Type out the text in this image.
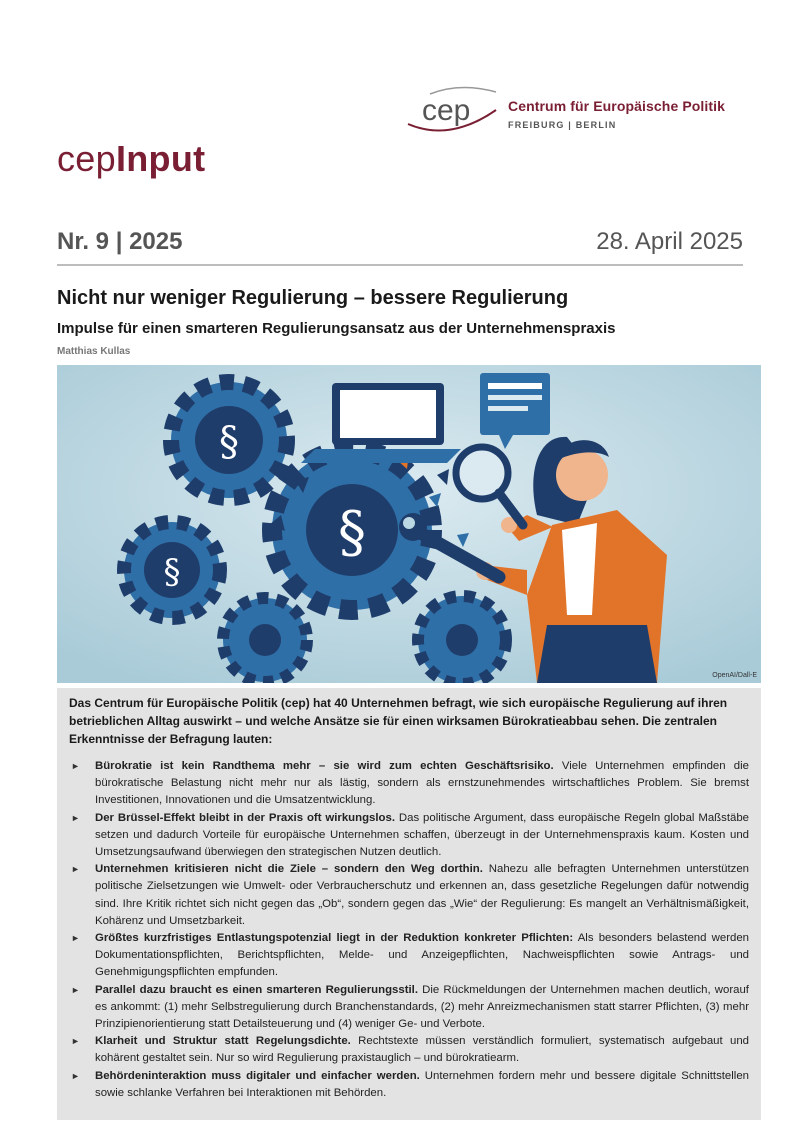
cep	Centrum für Europäische Politik
FREIBURG | BERLIN
cepInput
Nr. 9 | 2025	28. April 2025
Nicht nur weniger Regulierung – bessere Regulierung
Impulse für einen smarteren Regulierungsansatz aus der Unternehmenspraxis
Matthias Kullas
§
§
§
OpenAI/Dall-E

Das Centrum für Europäische Politik (cep) hat 40 Unternehmen befragt, wie sich europäische Regulierung auf ihren betrieblichen Alltag auswirkt – und welche Ansätze sie für einen wirksamen Bürokratieabbau sehen. Die zentralen Erkenntnisse der Befragung lauten:

► Bürokratie ist kein Randthema mehr – sie wird zum echten Geschäftsrisiko. Viele Unternehmen empfinden die bürokratische Belastung nicht mehr nur als lästig, sondern als ernstzunehmendes wirtschaftliches Problem. Sie bremst Investitionen, Innovationen und die Umsatzentwicklung.
► Der Brüssel-Effekt bleibt in der Praxis oft wirkungslos. Das politische Argument, dass europäische Regeln global Maßstäbe setzen und dadurch Vorteile für europäische Unternehmen schaffen, überzeugt in der Unternehmenspraxis kaum. Kosten und Umsetzungsaufwand überwiegen den strategischen Nutzen deutlich.
► Unternehmen kritisieren nicht die Ziele – sondern den Weg dorthin. Nahezu alle befragten Unternehmen unterstützen politische Zielsetzungen wie Umwelt- oder Verbraucherschutz und erkennen an, dass gesetzliche Regelungen dafür notwendig sind. Ihre Kritik richtet sich nicht gegen das „Ob“, sondern gegen das „Wie“ der Regulierung: Es mangelt an Verhältnismäßigkeit, Kohärenz und Umsetzbarkeit.
► Größtes kurzfristiges Entlastungspotenzial liegt in der Reduktion konkreter Pflichten: Als besonders belastend werden Dokumentationspflichten, Berichtspflichten, Melde- und Anzeigepflichten, Nachweispflichten sowie Antrags- und Genehmigungspflichten empfunden.
► Parallel dazu braucht es einen smarteren Regulierungsstil. Die Rückmeldungen der Unternehmen machen deutlich, worauf es ankommt: (1) mehr Selbstregulierung durch Branchenstandards, (2) mehr Anreizmechanismen statt starrer Pflichten, (3) mehr Prinzipienorientierung statt Detailsteuerung und (4) weniger Ge- und Verbote.
► Klarheit und Struktur statt Regelungsdichte. Rechtstexte müssen verständlich formuliert, systematisch aufgebaut und kohärent gestaltet sein. Nur so wird Regulierung praxistauglich – und bürokratiearm.
► Behördeninteraktion muss digitaler und einfacher werden. Unternehmen fordern mehr und bessere digitale Schnittstellen sowie schlanke Verfahren bei Interaktionen mit Behörden.
